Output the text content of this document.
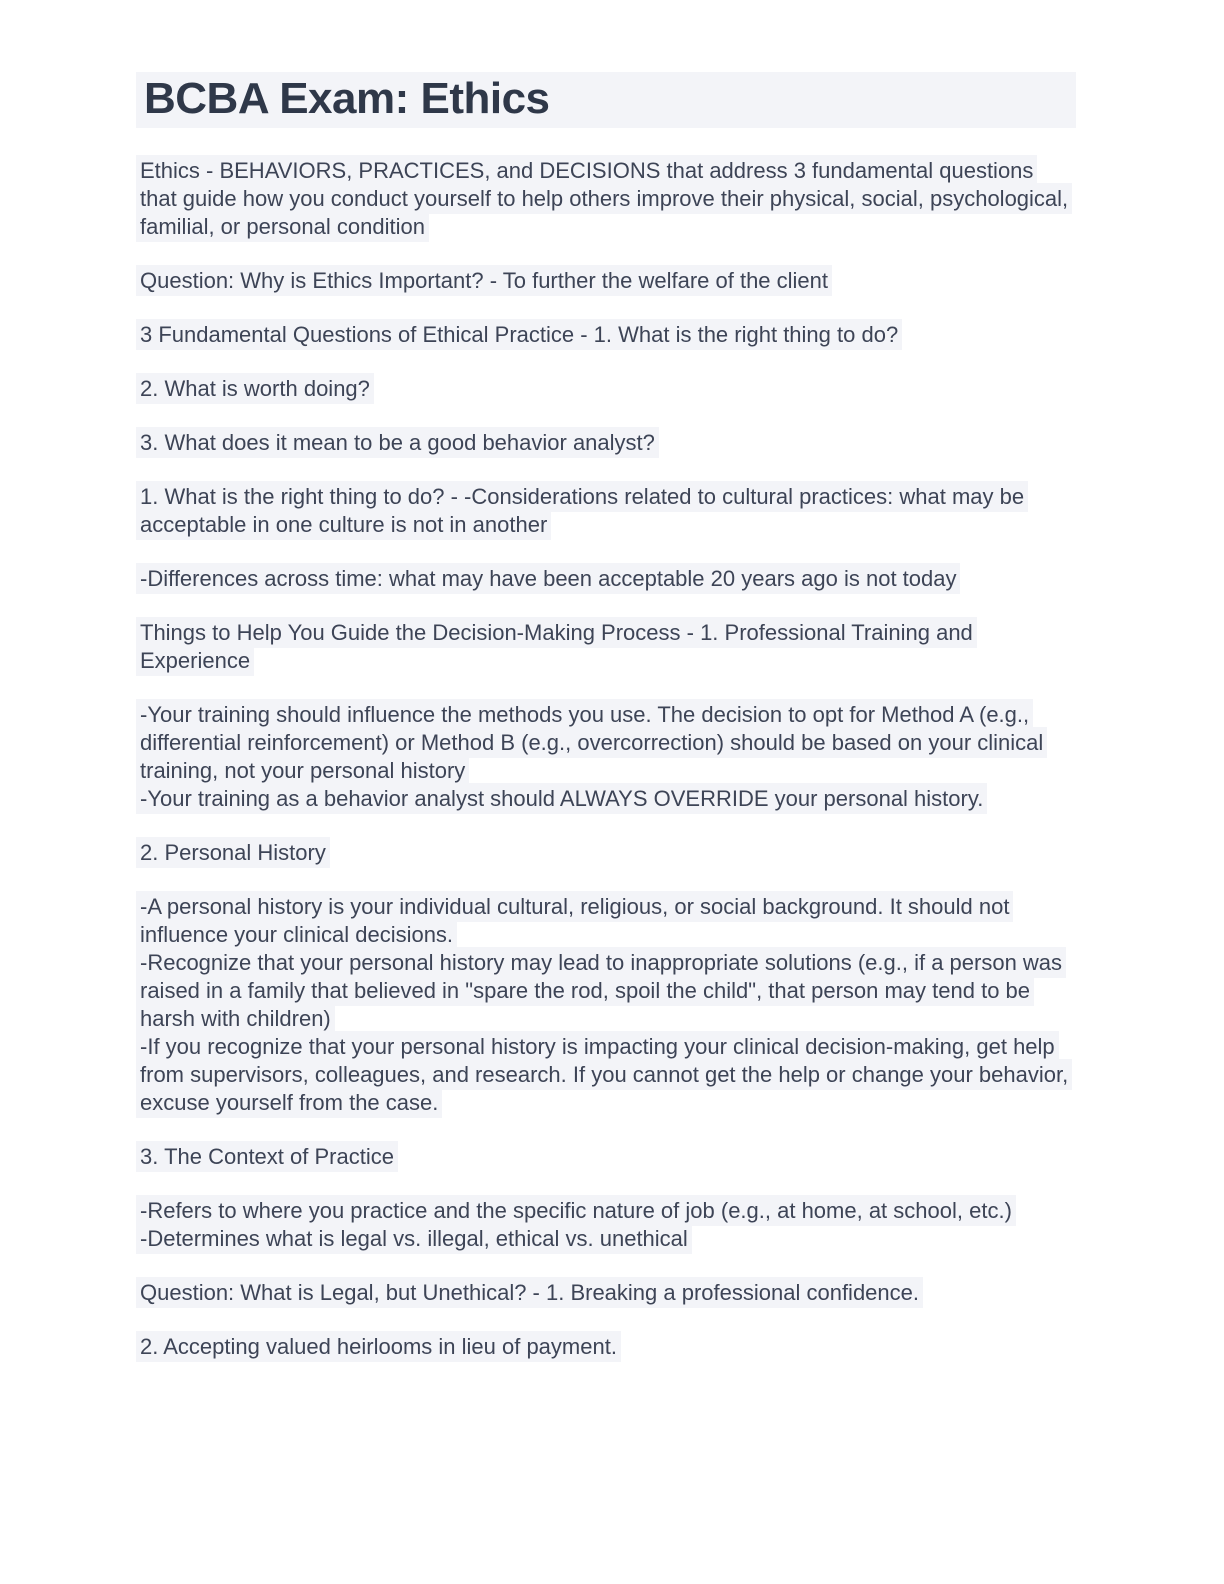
BCBA Exam: Ethics

Ethics - BEHAVIORS, PRACTICES, and DECISIONS that address 3 fundamental questions that guide how you conduct yourself to help others improve their physical, social, psychological, familial, or personal condition

Question: Why is Ethics Important? - To further the welfare of the client

3 Fundamental Questions of Ethical Practice - 1. What is the right thing to do?

2. What is worth doing?

3. What does it mean to be a good behavior analyst?

1. What is the right thing to do? - -Considerations related to cultural practices: what may be acceptable in one culture is not in another

-Differences across time: what may have been acceptable 20 years ago is not today

Things to Help You Guide the Decision-Making Process - 1. Professional Training and Experience

-Your training should influence the methods you use. The decision to opt for Method A (e.g., differential reinforcement) or Method B (e.g., overcorrection) should be based on your clinical training, not your personal history
-Your training as a behavior analyst should ALWAYS OVERRIDE your personal history.

2. Personal History

-A personal history is your individual cultural, religious, or social background. It should not influence your clinical decisions.
-Recognize that your personal history may lead to inappropriate solutions (e.g., if a person was raised in a family that believed in "spare the rod, spoil the child", that person may tend to be harsh with children)
-If you recognize that your personal history is impacting your clinical decision-making, get help from supervisors, colleagues, and research. If you cannot get the help or change your behavior, excuse yourself from the case.

3. The Context of Practice

-Refers to where you practice and the specific nature of job (e.g., at home, at school, etc.)
-Determines what is legal vs. illegal, ethical vs. unethical

Question: What is Legal, but Unethical? - 1. Breaking a professional confidence.

2. Accepting valued heirlooms in lieu of payment.
